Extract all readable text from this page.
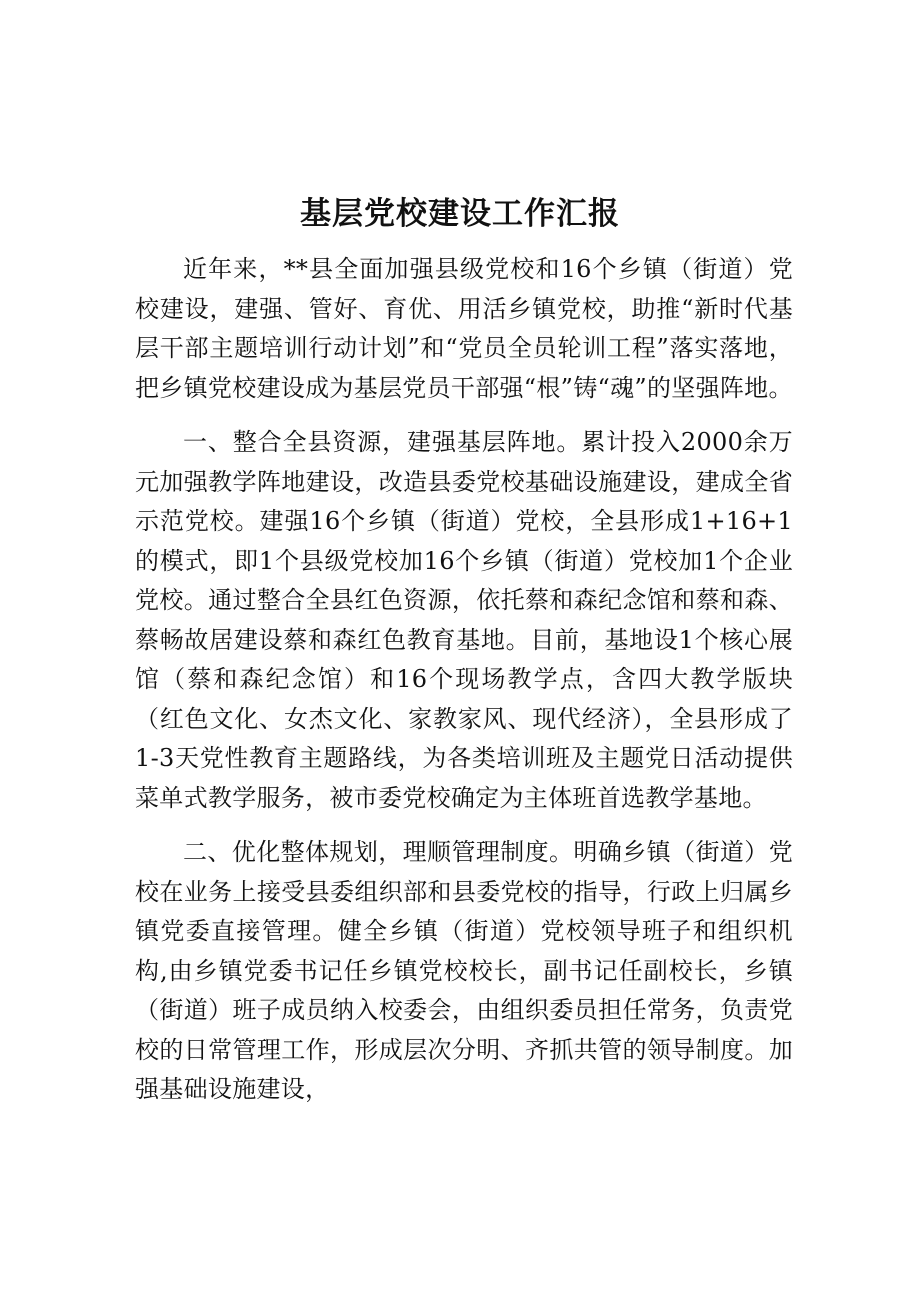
基层党校建设工作汇报

近年来，**县全面加强县级党校和16个乡镇（街道）党校建设，建强、管好、育优、用活乡镇党校，助推“新时代基层干部主题培训行动计划”和“党员全员轮训工程”落实落地，把乡镇党校建设成为基层党员干部强“根”铸“魂”的坚强阵地。

一、整合全县资源，建强基层阵地。累计投入2000余万元加强教学阵地建设，改造县委党校基础设施建设，建成全省示范党校。建强16个乡镇（街道）党校，全县形成1+16+1的模式，即1个县级党校加16个乡镇（街道）党校加1个企业党校。通过整合全县红色资源，依托蔡和森纪念馆和蔡和森、蔡畅故居建设蔡和森红色教育基地。目前，基地设1个核心展馆（蔡和森纪念馆）和16个现场教学点，含四大教学版块（红色文化、女杰文化、家教家风、现代经济），全县形成了1-3天党性教育主题路线，为各类培训班及主题党日活动提供菜单式教学服务，被市委党校确定为主体班首选教学基地。

二、优化整体规划，理顺管理制度。明确乡镇（街道）党校在业务上接受县委组织部和县委党校的指导，行政上归属乡镇党委直接管理。健全乡镇（街道）党校领导班子和组织机构,由乡镇党委书记任乡镇党校校长，副书记任副校长，乡镇（街道）班子成员纳入校委会，由组织委员担任常务，负责党校的日常管理工作，形成层次分明、齐抓共管的领导制度。加强基础设施建设，
